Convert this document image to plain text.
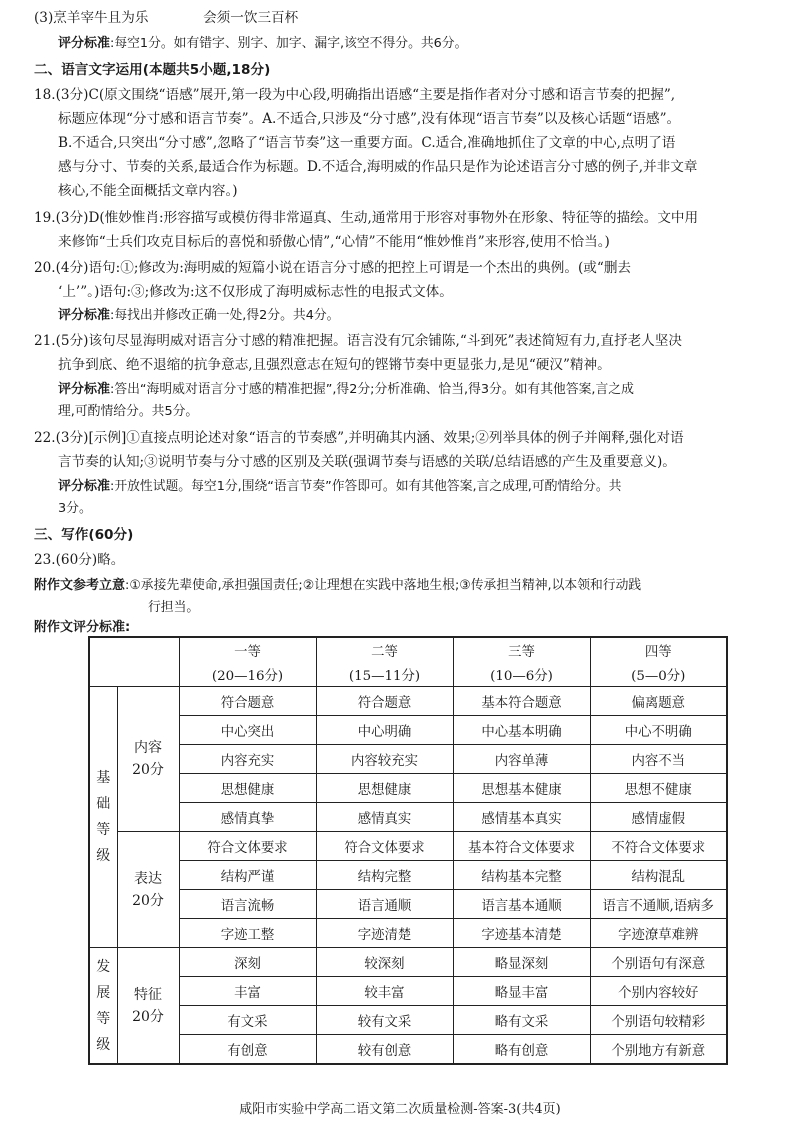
(3)烹羊宰牛且为乐	会须一饮三百杯
评分标准:每空1分。如有错字、别字、加字、漏字,该空不得分。共6分。
二、语言文字运用(本题共5小题,18分)
18.(3分)C(原文围绕“语感”展开,第一段为中心段,明确指出语感“主要是指作者对分寸感和语言节奏的把握”,
标题应体现“分寸感和语言节奏”。A.不适合,只涉及“分寸感”,没有体现“语言节奏”以及核心话题“语感”。
B.不适合,只突出“分寸感”,忽略了“语言节奏”这一重要方面。C.适合,准确地抓住了文章的中心,点明了语
感与分寸、节奏的关系,最适合作为标题。D.不适合,海明威的作品只是作为论述语言分寸感的例子,并非文章
核心,不能全面概括文章内容。)
19.(3分)D(惟妙惟肖:形容描写或模仿得非常逼真、生动,通常用于形容对事物外在形象、特征等的描绘。文中用
来修饰“士兵们攻克目标后的喜悦和骄傲心情”,“心情”不能用“惟妙惟肖”来形容,使用不恰当。)
20.(4分)语句:①;修改为:海明威的短篇小说在语言分寸感的把控上可谓是一个杰出的典例。(或“删去
‘上’”。)语句:③;修改为:这不仅形成了海明威标志性的电报式文体。
评分标准:每找出并修改正确一处,得2分。共4分。
21.(5分)该句尽显海明威对语言分寸感的精准把握。语言没有冗余铺陈,“斗到死”表述简短有力,直抒老人坚决
抗争到底、绝不退缩的抗争意志,且强烈意志在短句的铿锵节奏中更显张力,是见“硬汉”精神。
评分标准:答出“海明威对语言分寸感的精准把握”,得2分;分析准确、恰当,得3分。如有其他答案,言之成
理,可酌情给分。共5分。
22.(3分)[示例]①直接点明论述对象“语言的节奏感”,并明确其内涵、效果;②列举具体的例子并阐释,强化对语
言节奏的认知;③说明节奏与分寸感的区别及关联(强调节奏与语感的关联/总结语感的产生及重要意义)。
评分标准:开放性试题。每空1分,围绕“语言节奏”作答即可。如有其他答案,言之成理,可酌情给分。共
3分。
三、写作(60分)
23.(60分)略。
附作文参考立意:①承接先辈使命,承担强国责任;②让理想在实践中落地生根;③传承担当精神,以本领和行动践
行担当。
附作文评分标准:
		一等	二等	三等	四等
		(20—16分)	(15—11分)	(10—6分)	(5—0分)
基础等级	内容
20分	符合题意	符合题意	基本符合题意	偏离题意
		中心突出	中心明确	中心基本明确	中心不明确
		内容充实	内容较充实	内容单薄	内容不当
		思想健康	思想健康	思想基本健康	思想不健康
		感情真挚	感情真实	感情基本真实	感情虚假

	表达
20分	符合文体要求	符合文体要求	基本符合文体要求	不符合文体要求
		结构严谨	结构完整	结构基本完整	结构混乱
		语言流畅	语言通顺	语言基本通顺	语言不通顺,语病多
		字迹工整	字迹清楚	字迹基本清楚	字迹潦草难辨
发展等级	特征
20分	深刻	较深刻	略显深刻	个别语句有深意
		丰富	较丰富	略显丰富	个别内容较好
		有文采	较有文采	略有文采	个别语句较精彩
		有创意	较有创意	略有创意	个别地方有新意
咸阳市实验中学高二语文第二次质量检测-答案-3(共4页)
